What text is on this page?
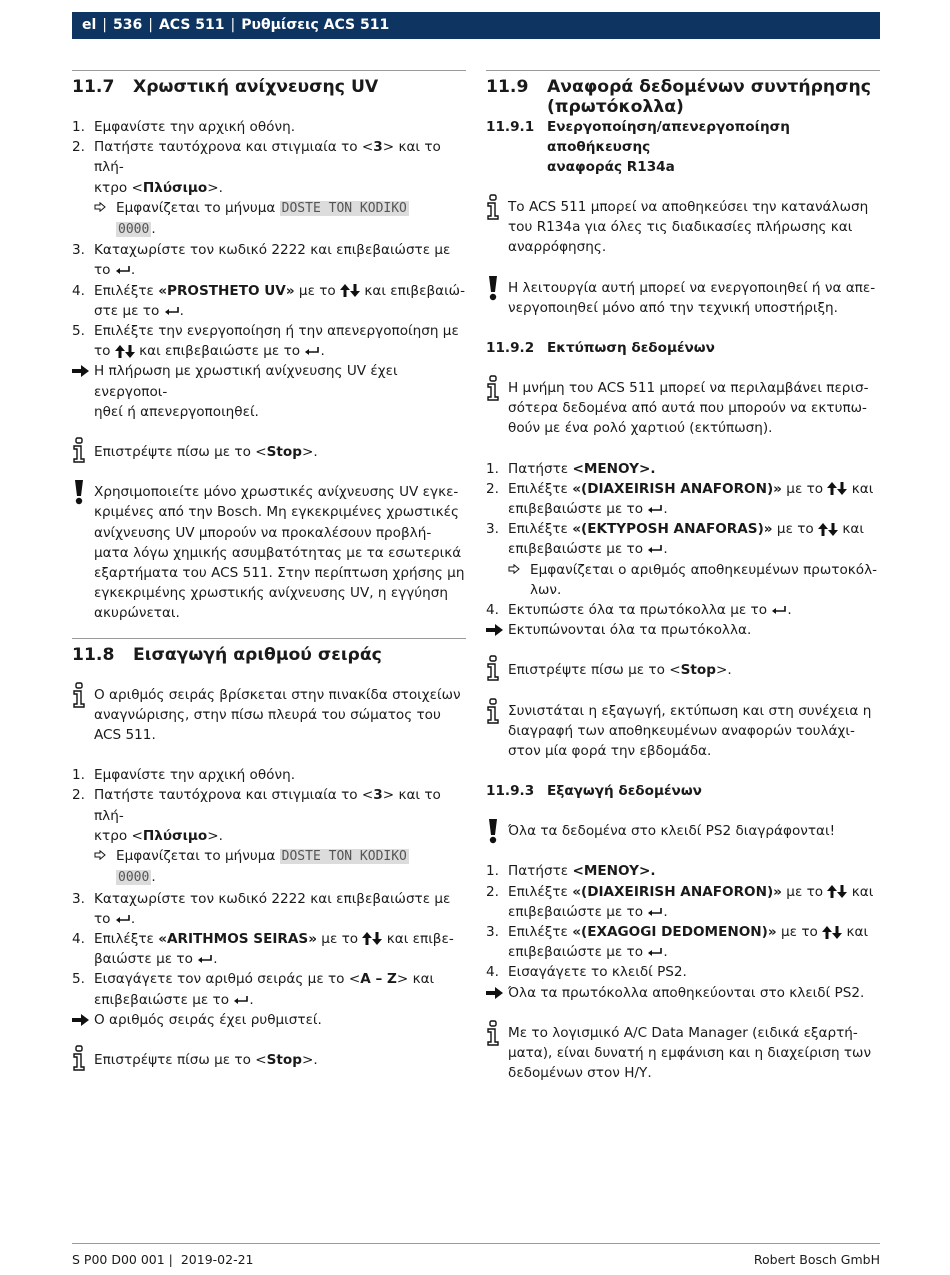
el | 536 | ACS 511 | Ρυθμίσεις ACS 511
11.7	Χρωστική ανίχνευσης UV
1. Εμφανίστε την αρχική οθόνη.
2. Πατήστε ταυτόχρονα και στιγμιαία το <3> και το πλή-
κτρο <Πλύσιμο>.
Εμφανίζεται το μήνυμα DOSTE TON KODIKO
0000 .
3. Καταχωρίστε τον κωδικό 2222 και επιβεβαιώστε με
το .
4. Επιλέξτε «PROSTHETO UV» με το  και επιβεβαιώ-
στε με το .
5. Επιλέξτε την ενεργοποίηση ή την απενεργοποίηση με
το  και επιβεβαιώστε με το .
Η πλήρωση με χρωστική ανίχνευσης UV έχει ενεργοποι-
ηθεί ή απενεργοποιηθεί.
Επιστρέψτε πίσω με το <Stop>.
Χρησιμοποιείτε μόνο χρωστικές ανίχνευσης UV εγκε-
κριμένες από την Bosch. Μη εγκεκριμένες χρωστικές
ανίχνευσης UV μπορούν να προκαλέσουν προβλή-
ματα λόγω χημικής ασυμβατότητας με τα εσωτερικά
εξαρτήματα του ACS 511. Στην περίπτωση χρήσης μη
εγκεκριμένης χρωστικής ανίχνευσης UV, η εγγύηση
ακυρώνεται.
11.8	Εισαγωγή αριθμού σειράς
Ο αριθμός σειράς βρίσκεται στην πινακίδα στοιχείων
αναγνώρισης, στην πίσω πλευρά του σώματος του
ACS 511.
1. Εμφανίστε την αρχική οθόνη.
2. Πατήστε ταυτόχρονα και στιγμιαία το <3> και το πλή-
κτρο <Πλύσιμο>.
Εμφανίζεται το μήνυμα DOSTE TON KODIKO
0000 .
3. Καταχωρίστε τον κωδικό 2222 και επιβεβαιώστε με
το .
4. Επιλέξτε «ARITHMOS SEIRAS» με το  και επιβε-
βαιώστε με το .
5. Εισαγάγετε τον αριθμό σειράς με το <A – Z> και
επιβεβαιώστε με το .
Ο αριθμός σειράς έχει ρυθμιστεί.
Επιστρέψτε πίσω με το <Stop>.
11.9	Αναφορά δεδομένων συντήρησης
(πρωτόκολλα)
11.9.1 Ενεργοποίηση/απενεργοποίηση αποθήκευσης
αναφοράς R134a
Το ACS 511 μπορεί να αποθηκεύσει την κατανάλωση
του R134a για όλες τις διαδικασίες πλήρωσης και
αναρρόφησης.
Η λειτουργία αυτή μπορεί να ενεργοποιηθεί ή να απε-
νεργοποιηθεί μόνο από την τεχνική υποστήριξη.
11.9.2 Εκτύπωση δεδομένων
Η μνήμη του ACS 511 μπορεί να περιλαμβάνει περισ-
σότερα δεδομένα από αυτά που μπορούν να εκτυπω-
θούν με ένα ρολό χαρτιού (εκτύπωση).
1. Πατήστε <MENOY>.
2. Επιλέξτε «(DIAXEIRISH ANAFORON)» με το  και
επιβεβαιώστε με το .
3. Επιλέξτε «(EKTYPOSH ANAFORAS)» με το  και
επιβεβαιώστε με το .
Εμφανίζεται ο αριθμός αποθηκευμένων πρωτοκόλ-
λων.
4. Εκτυπώστε όλα τα πρωτόκολλα με το .
Εκτυπώνονται όλα τα πρωτόκολλα.
Επιστρέψτε πίσω με το <Stop>.
Συνιστάται η εξαγωγή, εκτύπωση και στη συνέχεια η
διαγραφή των αποθηκευμένων αναφορών τουλάχι-
στον μία φορά την εβδομάδα.
11.9.3 Εξαγωγή δεδομένων
Όλα τα δεδομένα στο κλειδί PS2 διαγράφονται!
1. Πατήστε <MENOY>.
2. Επιλέξτε «(DIAXEIRISH ANAFORON)» με το  και
επιβεβαιώστε με το .
3. Επιλέξτε «(EXAGOGI DEDOMENON)» με το  και
επιβεβαιώστε με το .
4. Εισαγάγετε το κλειδί PS2.
Όλα τα πρωτόκολλα αποθηκεύονται στο κλειδί PS2.
Με το λογισμικό A/C Data Manager (ειδικά εξαρτή-
ματα), είναι δυνατή η εμφάνιση και η διαχείριση των
δεδομένων στον Η/Υ.
S P00 D00 001 |  2019-02-21	Robert Bosch GmbH
